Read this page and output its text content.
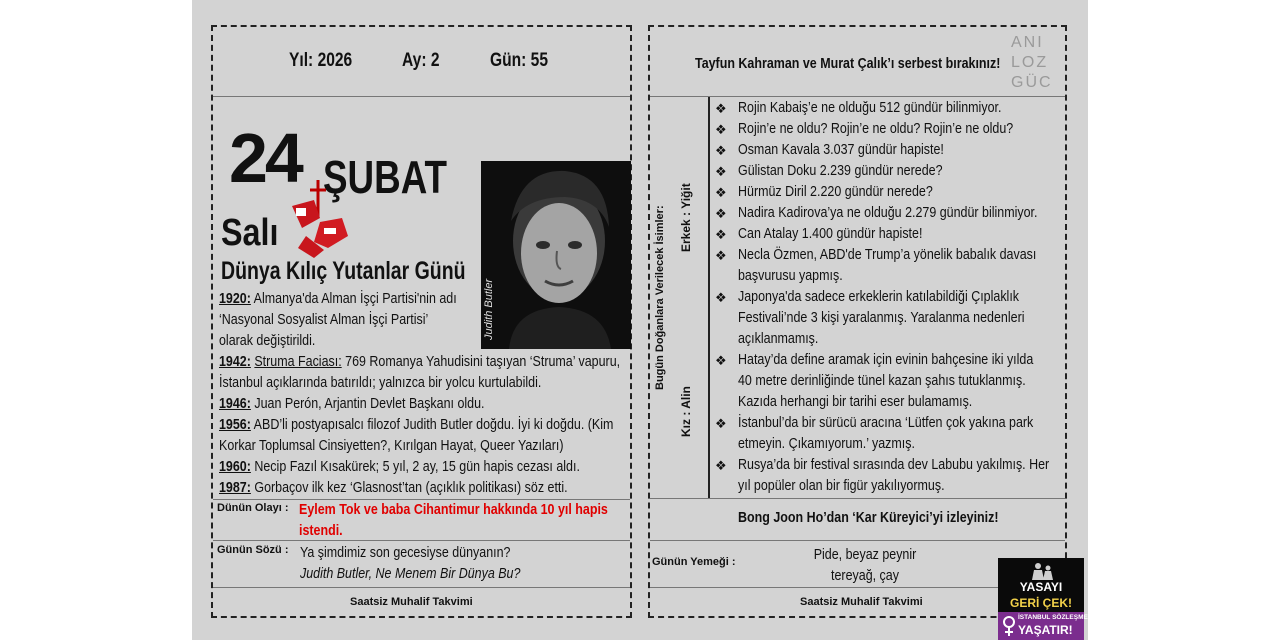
Yıl: 2026	Ay: 2	Gün: 55
24 ŞUBAT
Salı
Dünya Kılıç Yutanlar Günü
Judith Butler
1920: Almanya'da Alman İşçi Partisi'nin adı
‘Nasyonal Sosyalist Alman İşçi Partisi’
olarak değiştirildi.
1942: Struma Faciası: 769 Romanya Yahudisini taşıyan ‘Struma’ vapuru,
İstanbul açıklarında batırıldı; yalnızca bir yolcu kurtulabildi.
1946: Juan Perón, Arjantin Devlet Başkanı oldu.
1956: ABD’li postyapısalcı filozof Judith Butler doğdu. İyi ki doğdu. (Kim
Korkar Toplumsal Cinsiyetten?, Kırılgan Hayat, Queer Yazıları)
1960: Necip Fazıl Kısakürek; 5 yıl, 2 ay, 15 gün hapis cezası aldı.
1987: Gorbaçov ilk kez ‘Glasnost’tan (açıklık politikası) söz etti.
Dünün Olayı : Eylem Tok ve baba Cihantimur hakkında 10 yıl hapis
istendi.
Günün Sözü : Ya şimdimiz son gecesiyse dünyanın?
Judith Butler, Ne Menem Bir Dünya Bu?
Saatsiz Muhalif Takvimi
Tayfun Kahraman ve Murat Çalık’ı serbest bırakınız!
ANI
LOZ
GÜC
Bugün Doğanlara Verilecek İsimler: Erkek : Yiğit
Kız : Alin
❖ Rojin Kabaiş’e ne olduğu 512 gündür bilinmiyor.
❖ Rojin’e ne oldu? Rojin’e ne oldu? Rojin’e ne oldu?
❖ Osman Kavala 3.037 gündür hapiste!
❖ Gülistan Doku 2.239 gündür nerede?
❖ Hürmüz Diril 2.220 gündür nerede?
❖ Nadira Kadirova’ya ne olduğu 2.279 gündür bilinmiyor.
❖ Can Atalay 1.400 gündür hapiste!
❖ Necla Özmen, ABD'de Trump’a yönelik babalık davası
başvurusu yapmış.
❖ Japonya'da sadece erkeklerin katılabildiği Çıplaklık
Festivali’nde 3 kişi yaralanmış. Yaralanma nedenleri
açıklanmamış.
❖ Hatay’da define aramak için evinin bahçesine iki yılda
40 metre derinliğinde tünel kazan şahıs tutuklanmış.
Kazıda herhangi bir tarihi eser bulamamış.
❖ İstanbul’da bir sürücü aracına ‘Lütfen çok yakına park
etmeyin. Çıkamıyorum.’ yazmış.
❖ Rusya’da bir festival sırasında dev Labubu yakılmış. Her
yıl popüler olan bir figür yakılıyormuş.
Bong Joon Ho’dan ‘Kar Küreyici’yi izleyiniz!
Günün Yemeği :	Pide, beyaz peynir
tereyağ, çay
Saatsiz Muhalif Takvimi
YASAYI
GERİ ÇEK!
İSTANBUL SÖZLEŞMESİ
YAŞATIR!
